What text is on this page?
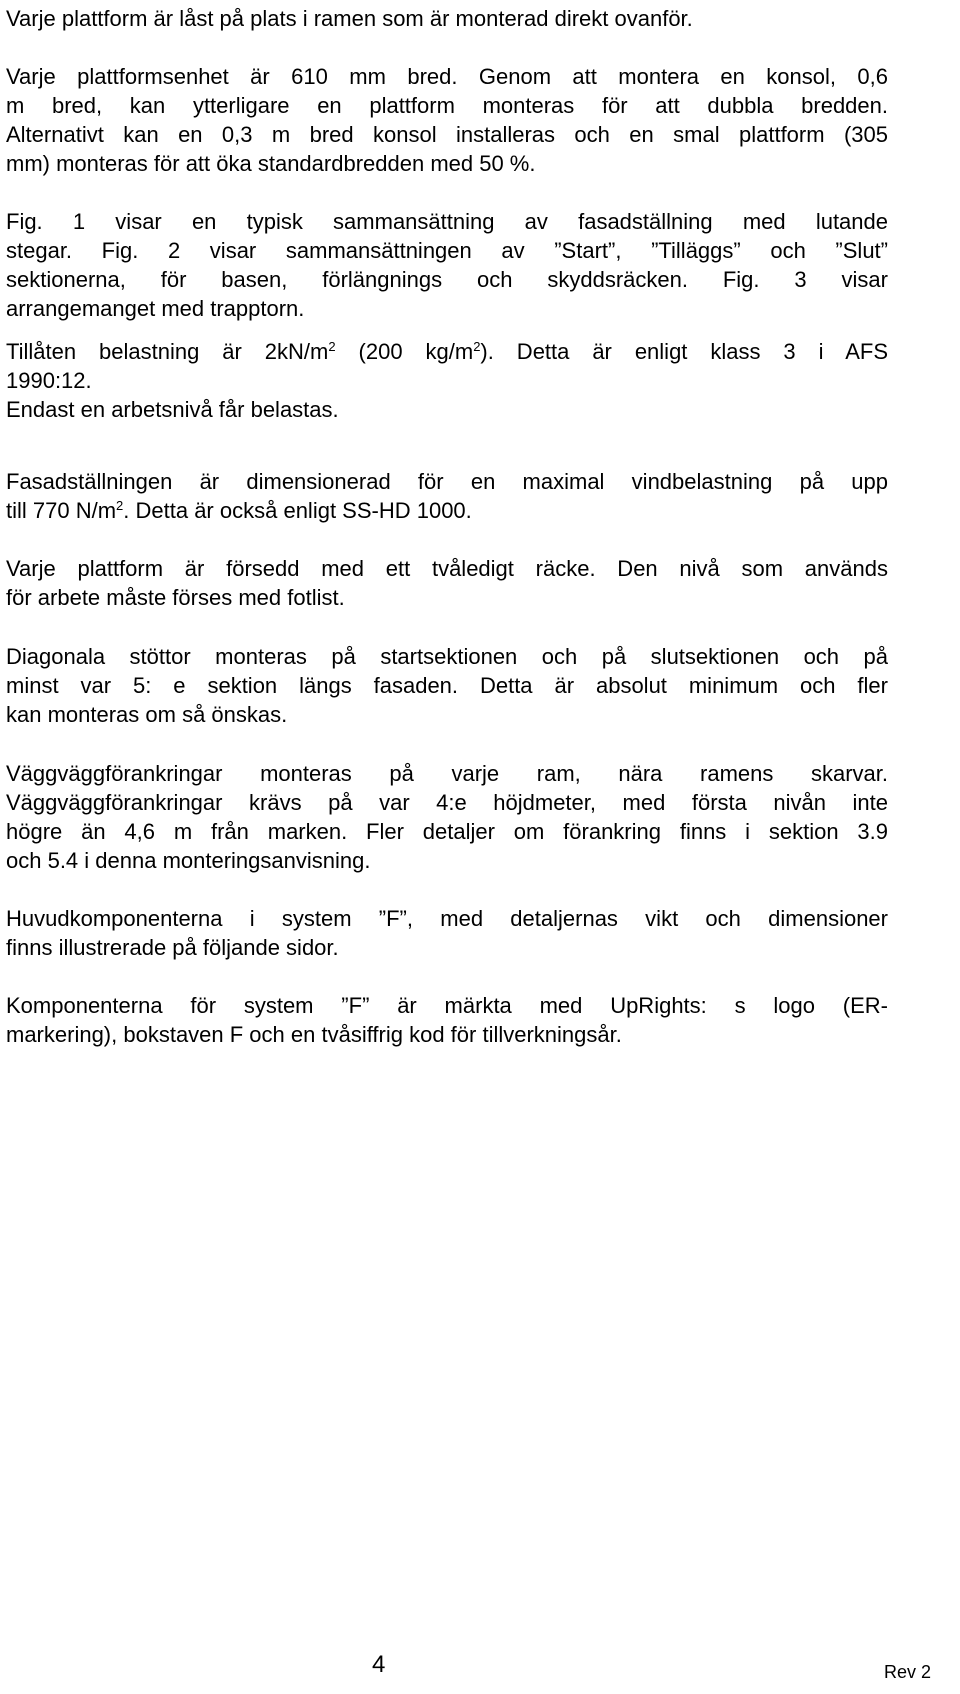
Varje plattform är låst på plats i ramen som är monterad direkt ovanför.

Varje plattformsenhet är 610 mm bred. Genom att montera en konsol, 0,6
m bred, kan ytterligare en plattform monteras för att dubbla bredden.
Alternativt kan en 0,3 m bred konsol installeras och en smal plattform (305
mm) monteras för att öka standardbredden med 50 %.

Fig. 1 visar en typisk sammansättning av fasadställning med lutande
stegar. Fig. 2 visar sammansättningen av ”Start”, ”Tilläggs” och ”Slut”
sektionerna, för basen, förlängnings och skyddsräcken. Fig. 3 visar
arrangemanget med trapptorn.

Tillåten belastning är $2kN/m^2$ (200 $kg/m^2$). Detta är enligt klass 3 i AFS
1990:12.
Endast en arbetsnivå får belastas.

Fasadställningen är dimensionerad för en maximal vindbelastning på upp
till 770 $N/m^2$. Detta är också enligt SS-HD 1000.

Varje plattform är försedd med ett tvåledigt räcke. Den nivå som används
för arbete måste förses med fotlist.

Diagonala stöttor monteras på startsektionen och på slutsektionen och på
minst var 5: e sektion längs fasaden. Detta är absolut minimum och fler
kan monteras om så önskas.

Väggväggförankringar monteras på varje ram, nära ramens skarvar.
Väggväggförankringar krävs på var 4:e höjdmeter, med första nivån inte
högre än 4,6 m från marken. Fler detaljer om förankring finns i sektion 3.9
och 5.4 i denna monteringsanvisning.

Huvudkomponenterna i system ”F”, med detaljernas vikt och dimensioner
finns illustrerade på följande sidor.

Komponenterna för system ”F” är märkta med UpRights: s logo (ER-
markering), bokstaven F och en tvåsiffrig kod för tillverkningsår.

4	Rev 2
